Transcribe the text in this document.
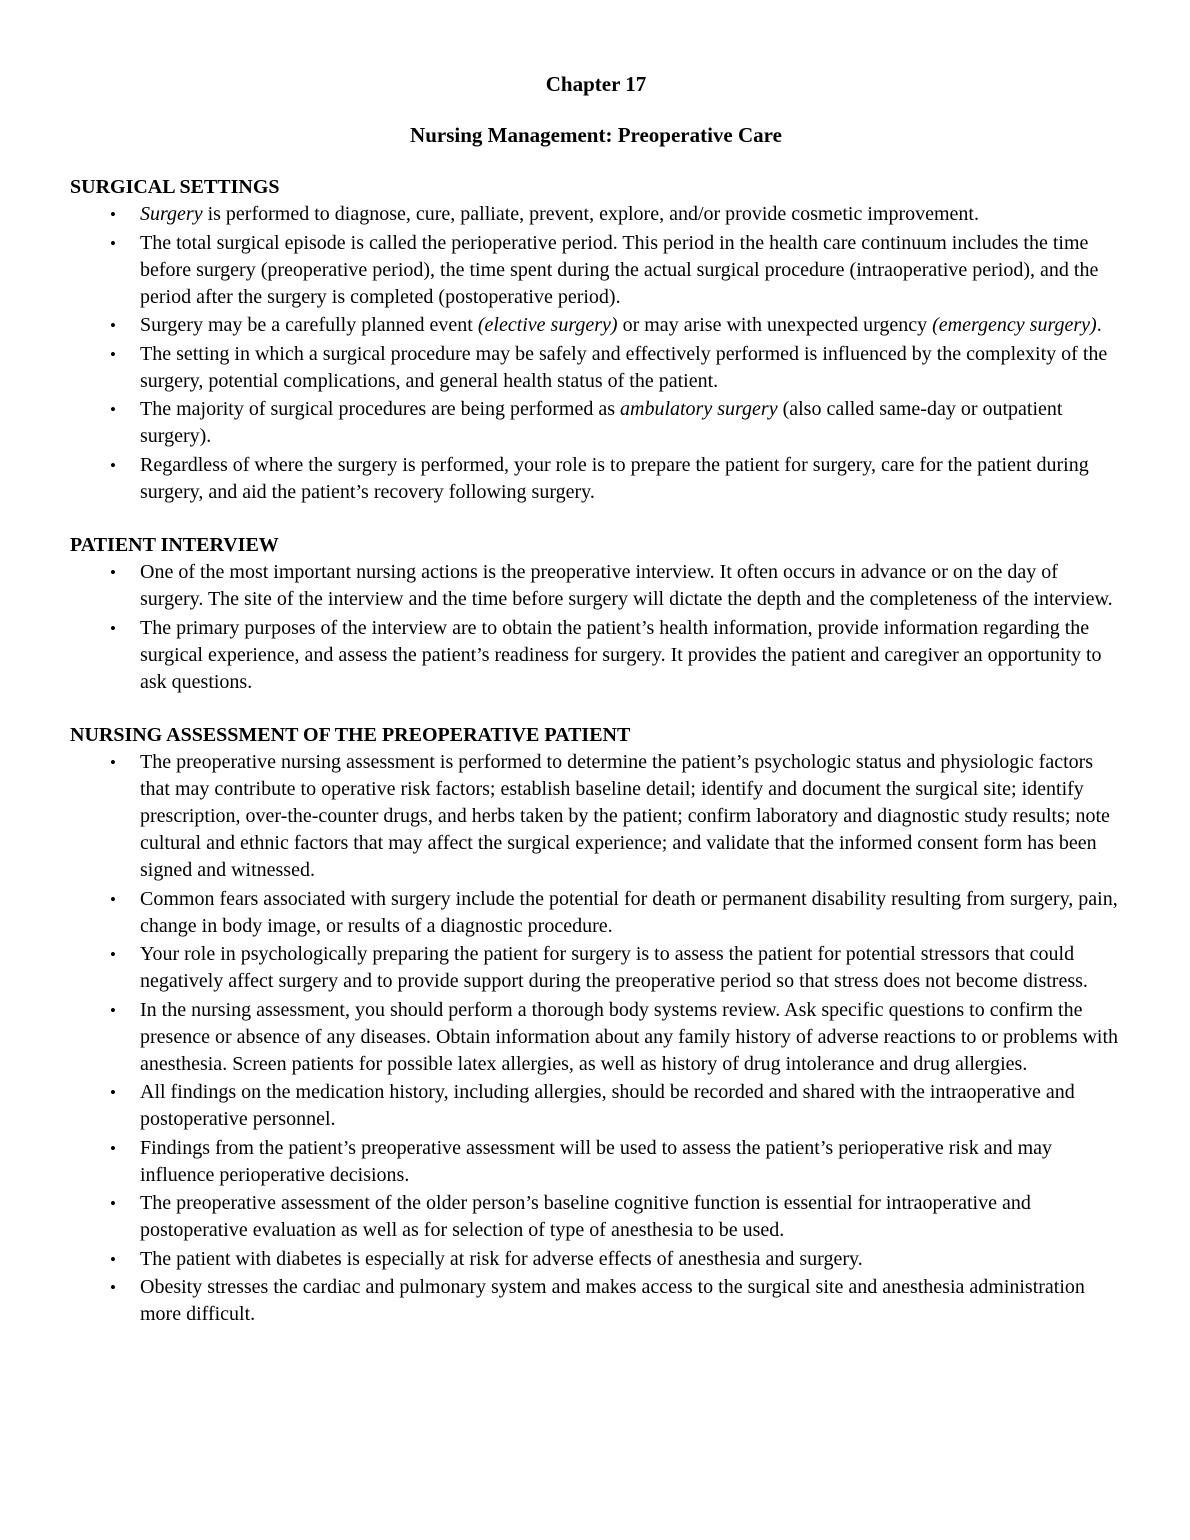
Chapter 17
Nursing Management: Preoperative Care
SURGICAL SETTINGS
• Surgery is performed to diagnose, cure, palliate, prevent, explore, and/or provide cosmetic improvement.
• The total surgical episode is called the perioperative period. This period in the health care continuum includes the time before surgery (preoperative period), the time spent during the actual surgical procedure (intraoperative period), and the period after the surgery is completed (postoperative period).
• Surgery may be a carefully planned event (elective surgery) or may arise with unexpected urgency (emergency surgery).
• The setting in which a surgical procedure may be safely and effectively performed is influenced by the complexity of the surgery, potential complications, and general health status of the patient.
• The majority of surgical procedures are being performed as ambulatory surgery (also called same-day or outpatient surgery).
• Regardless of where the surgery is performed, your role is to prepare the patient for surgery, care for the patient during surgery, and aid the patient’s recovery following surgery.
PATIENT INTERVIEW
• One of the most important nursing actions is the preoperative interview. It often occurs in advance or on the day of surgery. The site of the interview and the time before surgery will dictate the depth and the completeness of the interview.
• The primary purposes of the interview are to obtain the patient’s health information, provide information regarding the surgical experience, and assess the patient’s readiness for surgery. It provides the patient and caregiver an opportunity to ask questions.
NURSING ASSESSMENT OF THE PREOPERATIVE PATIENT
• The preoperative nursing assessment is performed to determine the patient’s psychologic status and physiologic factors that may contribute to operative risk factors; establish baseline detail; identify and document the surgical site; identify prescription, over-the-counter drugs, and herbs taken by the patient; confirm laboratory and diagnostic study results; note cultural and ethnic factors that may affect the surgical experience; and validate that the informed consent form has been signed and witnessed.
• Common fears associated with surgery include the potential for death or permanent disability resulting from surgery, pain, change in body image, or results of a diagnostic procedure.
• Your role in psychologically preparing the patient for surgery is to assess the patient for potential stressors that could negatively affect surgery and to provide support during the preoperative period so that stress does not become distress.
• In the nursing assessment, you should perform a thorough body systems review. Ask specific questions to confirm the presence or absence of any diseases. Obtain information about any family history of adverse reactions to or problems with anesthesia. Screen patients for possible latex allergies, as well as history of drug intolerance and drug allergies.
• All findings on the medication history, including allergies, should be recorded and shared with the intraoperative and postoperative personnel.
• Findings from the patient’s preoperative assessment will be used to assess the patient’s perioperative risk and may influence perioperative decisions.
• The preoperative assessment of the older person’s baseline cognitive function is essential for intraoperative and postoperative evaluation as well as for selection of type of anesthesia to be used.
• The patient with diabetes is especially at risk for adverse effects of anesthesia and surgery.
• Obesity stresses the cardiac and pulmonary system and makes access to the surgical site and anesthesia administration more difficult.
